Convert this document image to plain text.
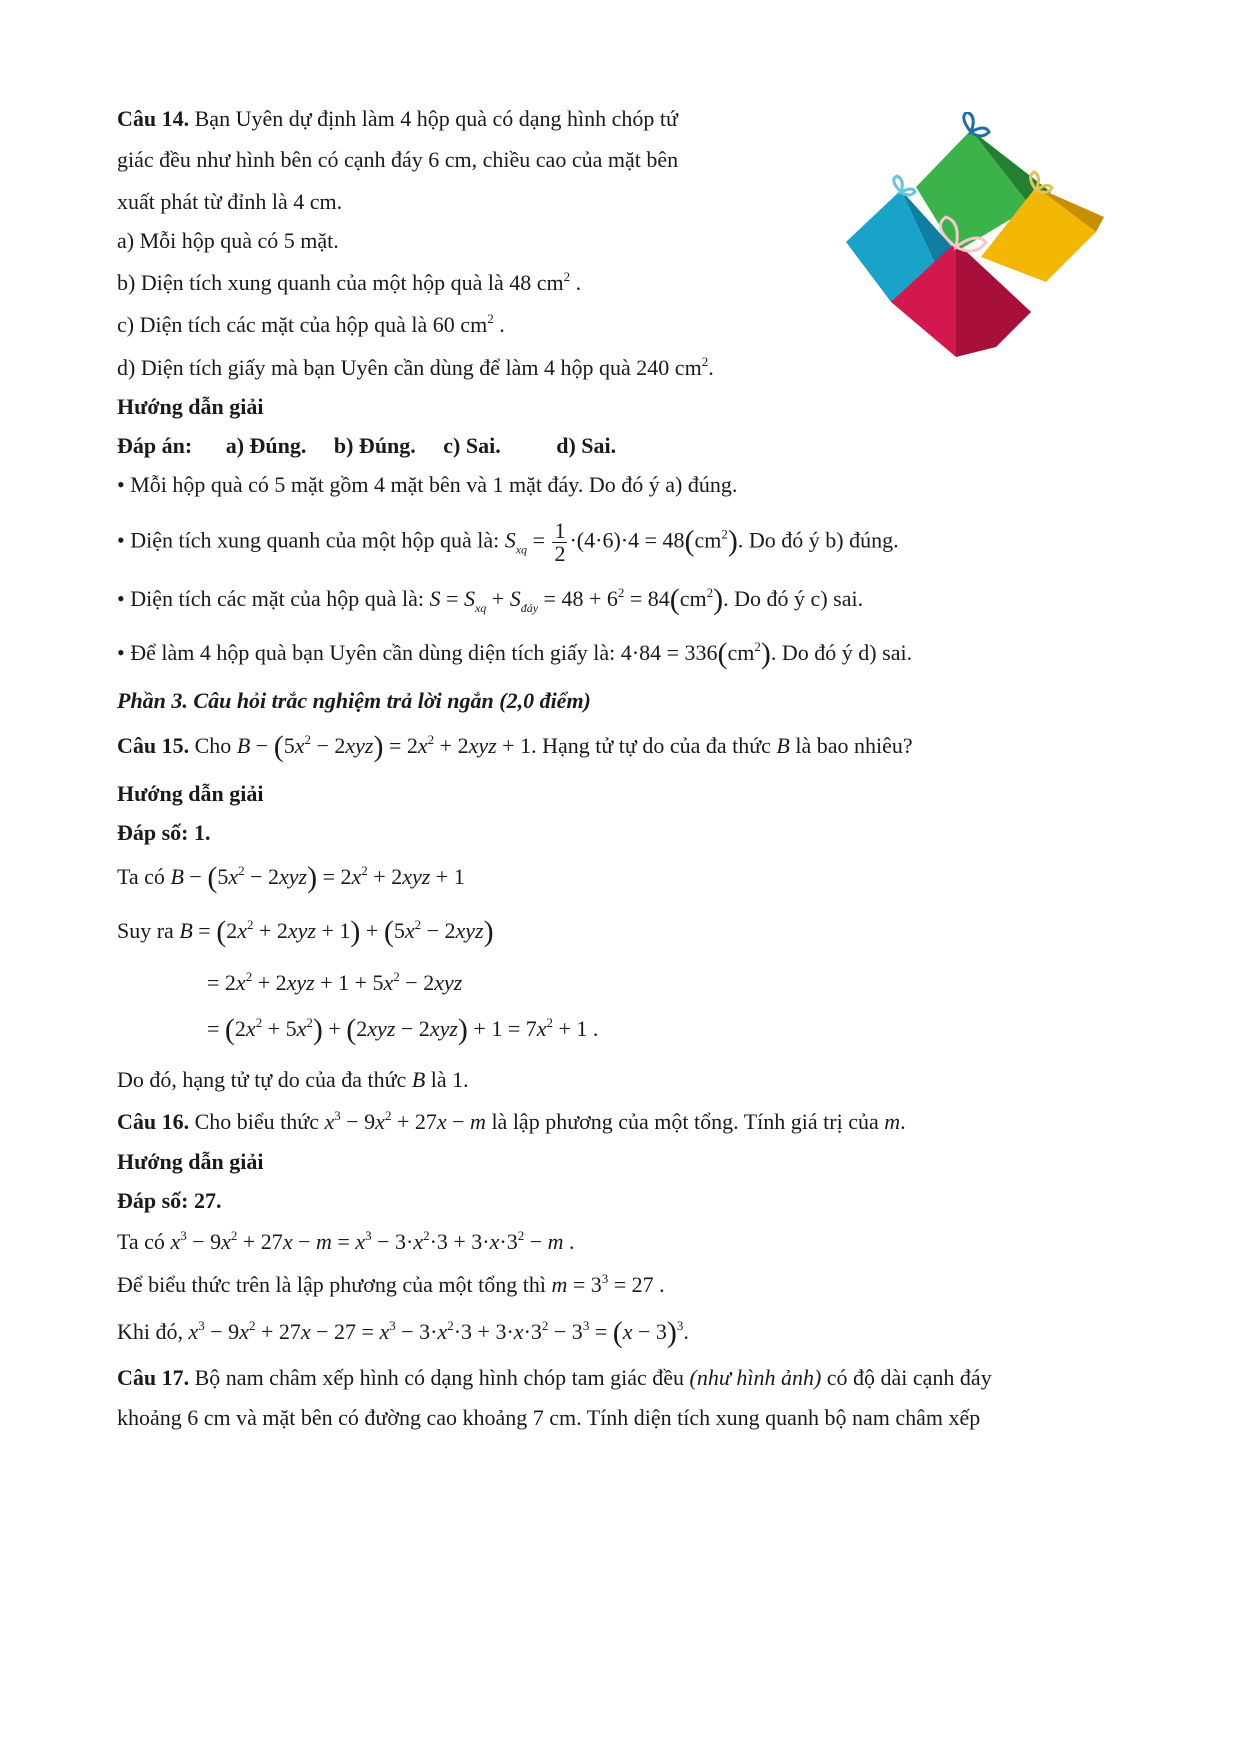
Câu 14. Bạn Uyên dự định làm 4 hộp quà có dạng hình chóp tứ
giác đều như hình bên có cạnh đáy 6 cm, chiều cao của mặt bên
xuất phát từ đỉnh là 4 cm.
a) Mỗi hộp quà có 5 mặt.
b) Diện tích xung quanh của một hộp quà là 48 $cm^2$ .
c) Diện tích các mặt của hộp quà là 60 $cm^2$ .
d) Diện tích giấy mà bạn Uyên cần dùng để làm 4 hộp quà 240 $cm^2$.
Hướng dẫn giải
Đáp án: a) Đúng. b) Đúng. c) Sai.	d) Sai.
• Mỗi hộp quà có 5 mặt gồm 4 mặt bên và 1 mặt đáy. Do đó ý a) đúng.
• Diện tích xung quanh của một hộp quà là: $S_{xq} = \frac{1}{2} \cdot(4\cdot 6)\cdot 4 = 48(cm^2)$. Do đó ý b) đúng.
• Diện tích các mặt của hộp quà là: $S = S_{xq} + S_{đáy} = 48 + 6^2 = 84(cm^2)$. Do đó ý c) sai.
• Để làm 4 hộp quà bạn Uyên cần dùng diện tích giấy là: $4\cdot 84 = 336(cm^2)$. Do đó ý d) sai.
Phần 3. Câu hỏi trắc nghiệm trả lời ngắn (2,0 điểm)
Câu 15. Cho $B - (5x^2 - 2xyz) = 2x^2 + 2xyz + 1$. Hạng tử tự do của đa thức B là bao nhiêu?
Hướng dẫn giải
Đáp số: 1.
Ta có $B - (5x^2 - 2xyz) = 2x^2 + 2xyz + 1$
Suy ra $B = (2x^2 + 2xyz + 1) + (5x^2 - 2xyz)$
= $2x^2 + 2xyz + 1 + 5x^2 - 2xyz$
= $(2x^2 + 5x^2) + (2xyz - 2xyz) + 1 = 7x^2 + 1$ .
Do đó, hạng tử tự do của đa thức B là 1.
Câu 16. Cho biểu thức $x^3 - 9x^2 + 27x - m$ là lập phương của một tổng. Tính giá trị của m.
Hướng dẫn giải
Đáp số: 27.
Ta có $x^3 - 9x^2 + 27x - m = x^3 - 3\cdot x^2\cdot 3 + 3\cdot x\cdot 3^2 - m$ .
Để biểu thức trên là lập phương của một tổng thì $m = 3^3 = 27$ .
Khi đó, $x^3 - 9x^2 + 27x - 27 = x^3 - 3\cdot x^2\cdot 3 + 3\cdot x\cdot 3^2 - 3^3 = (x - 3)^3$.
Câu 17. Bộ nam châm xếp hình có dạng hình chóp tam giác đều (như hình ảnh) có độ dài cạnh đáy
khoảng 6 cm và mặt bên có đường cao khoảng 7 cm. Tính diện tích xung quanh bộ nam châm xếp
